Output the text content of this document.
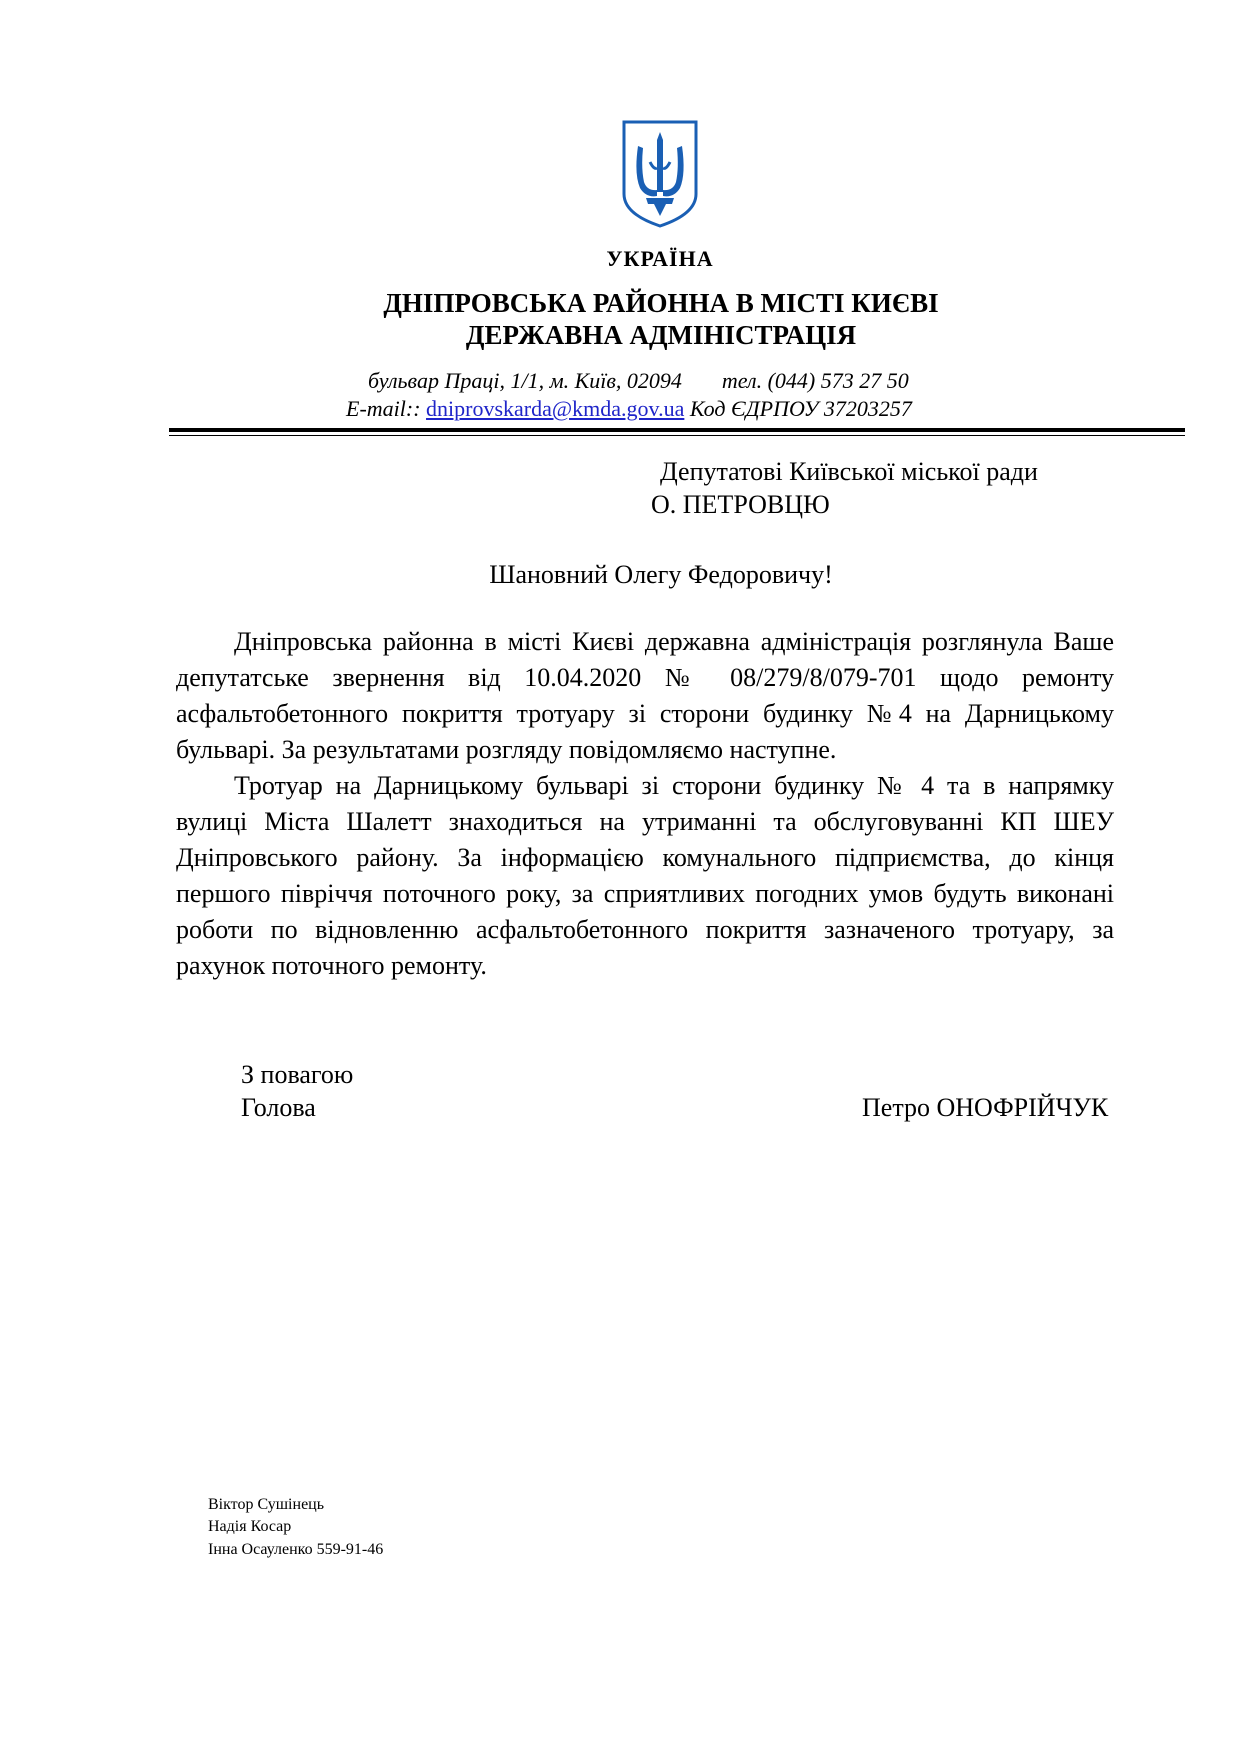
УКРАЇНА
ДНІПРОВСЬКА РАЙОННА В МІСТІ КИЄВІ
ДЕРЖАВНА АДМІНІСТРАЦІЯ
бульвар Праці, 1/1, м. Київ, 02094 тел. (044) 573 27 50
E-mail:: dniprovskarda@kmda.gov.ua Код ЄДРПОУ 37203257
Депутатові Київської міської ради
О. ПЕТРОВЦЮ
Шановний Олегу Федоровичу!

Дніпровська районна в місті Києві державна адміністрація розглянула Ваше депутатське звернення від 10.04.2020 № 08/279/8/079-701 щодо ремонту асфальтобетонного покриття тротуару зі сторони будинку №4 на Дарницькому бульварі. За результатами розгляду повідомляємо наступне.

Тротуар на Дарницькому бульварі зі сторони будинку № 4 та в напрямку вулиці Міста Шалетт знаходиться на утриманні та обслуговуванні КП ШЕУ Дніпровського району. За інформацією комунального підприємства, до кінця першого півріччя поточного року, за сприятливих погодних умов будуть виконані роботи по відновленню асфальтобетонного покриття зазначеного тротуару, за рахунок поточного ремонту.

З повагою
Голова	Петро ОНОФРІЙЧУК
Віктор Сушінець
Надія Косар
Інна Осауленко 559-91-46
